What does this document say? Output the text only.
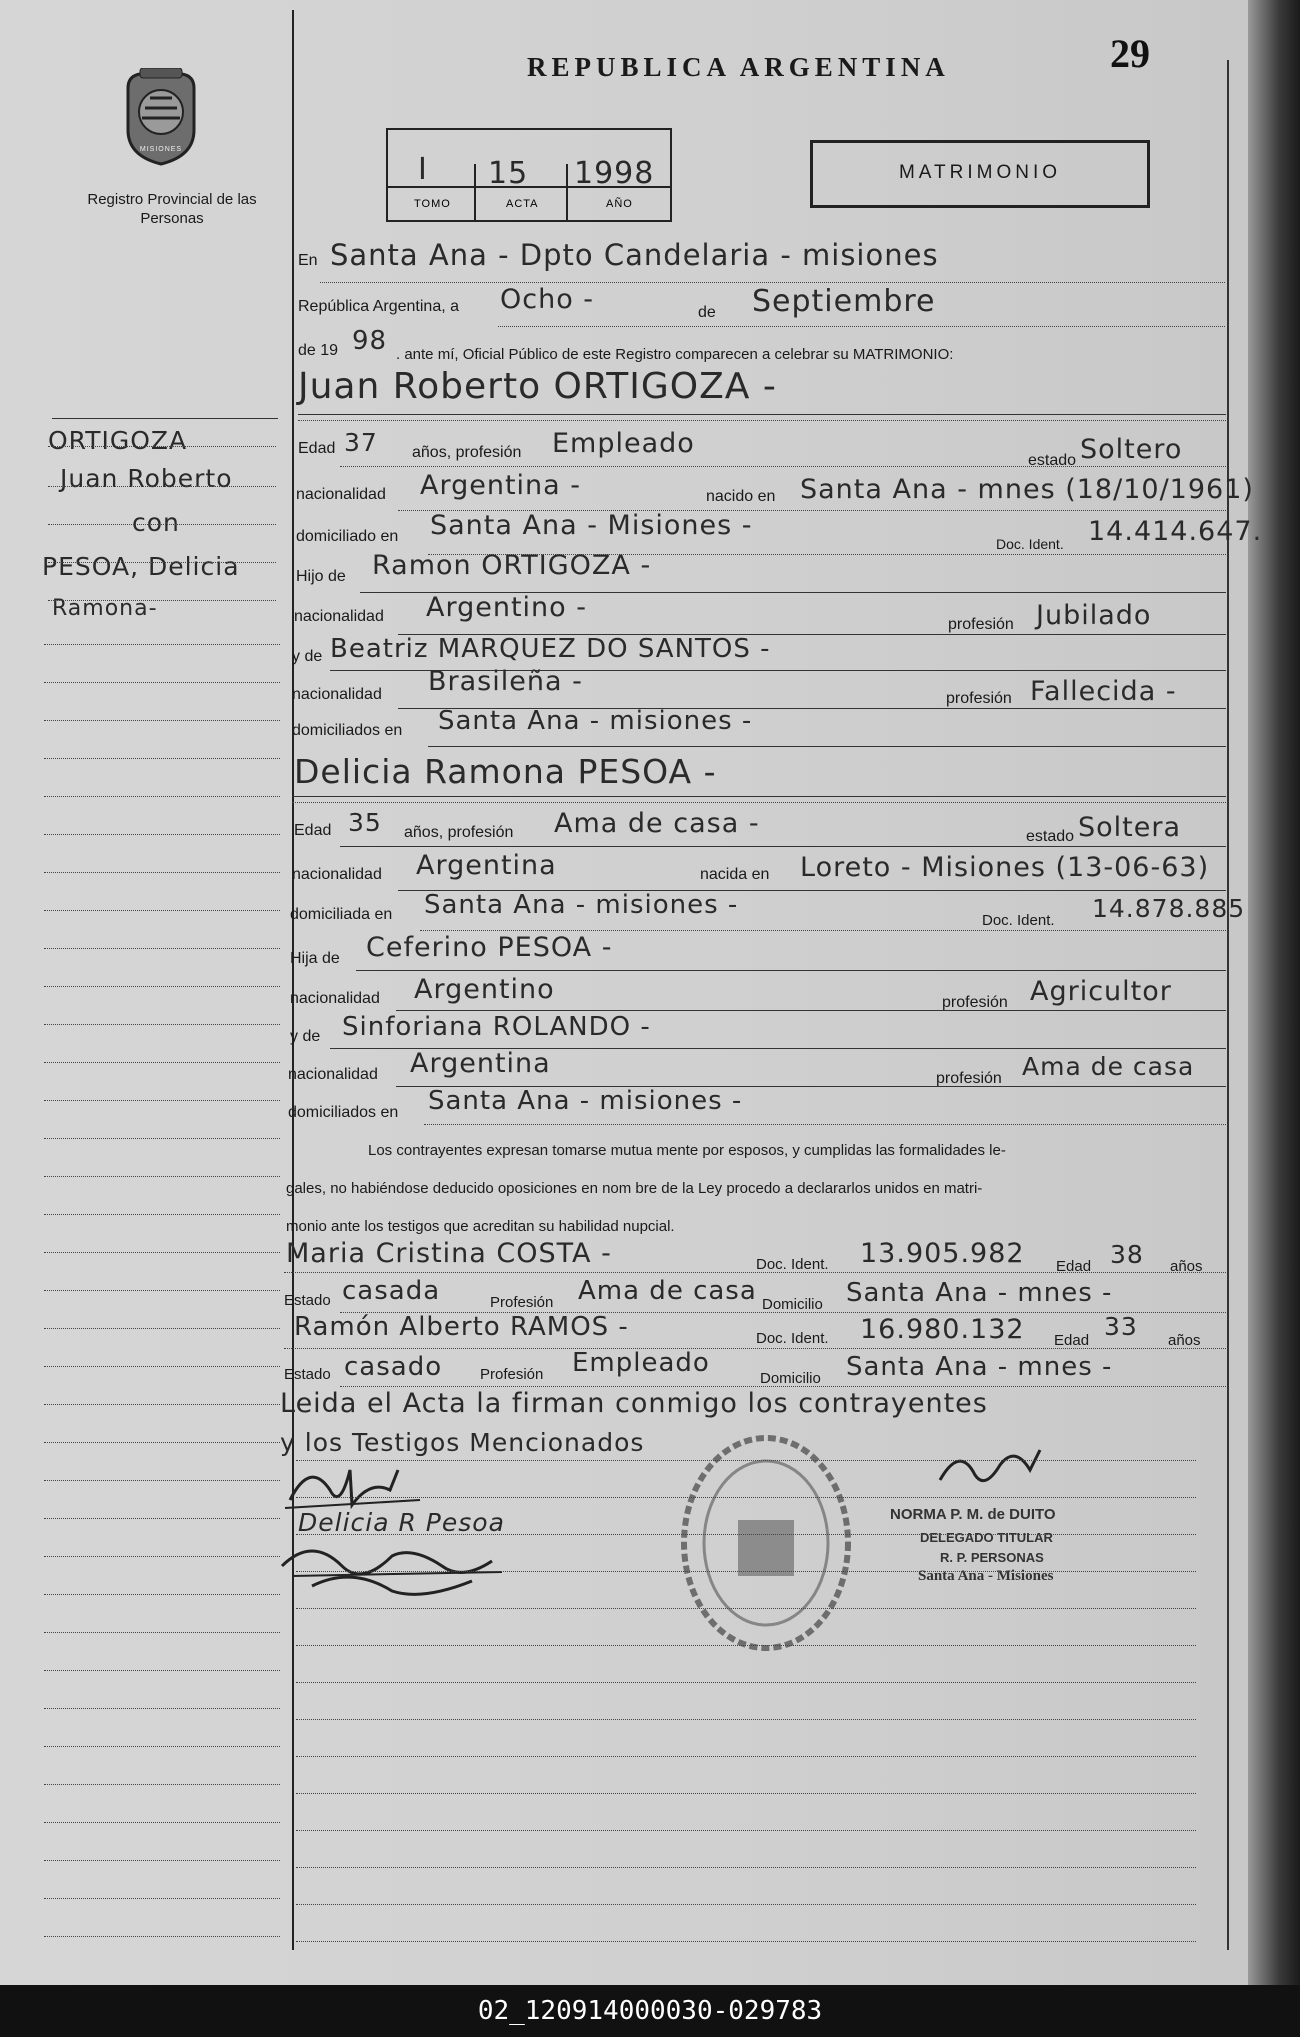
REPUBLICA ARGENTINA	29
MISIONES
Registro Provincial de las Personas
I 15 1998
TOMO	ACTA	AÑO
MATRIMONIO
ORTIGOZA
Juan Roberto
con
PESOA, Delicia
Ramona-
En Santa Ana - Dpto Candelaria - misiones
República Argentina, a Ocho -	de Septiembre
de 19 98 . ante mí, Oficial Público de este Registro comparecen a celebrar su MATRIMONIO:
Juan Roberto ORTIGOZA -
Edad 37 años, profesión Empleado
estado Soltero
nacionalidad Argentina -	nacido en Santa Ana - mnes (18/10/1961)
domiciliado en Santa Ana - Misiones -
Doc. Ident. 14.414.647.
Hijo de Ramon ORTIGOZA -
nacionalidad Argentino -
profesión Jubilado
y de Beatriz MARQUEZ DO SANTOS -
nacionalidad Brasileña -
profesión Fallecida -
domiciliados en Santa Ana - misiones -
Delicia Ramona PESOA -
Edad 35 años, profesión Ama de casa -	estado Soltera
nacionalidad Argentina	nacida en Loreto - Misiones (13-06-63)
domiciliada en Santa Ana - misiones -
Doc. Ident. 14.878.885
Hija de Ceferino PESOA -
nacionalidad Argentino	profesión Agricultor
y de Sinforiana ROLANDO -
nacionalidad Argentina	profesión Ama de casa
domiciliados en Santa Ana - misiones -
Los contrayentes expresan tomarse mutua mente por esposos, y cumplidas las formalidades le-
gales, no habiéndose deducido oposiciones en nom bre de la Ley procedo a declararlos unidos en matri-
monio ante los testigos que acreditan su habilidad nupcial.
Maria Cristina COSTA -	Doc. Ident. 13.905.982 Edad 38 años
Estado casada	Profesión Ama de casa Domicilio Santa Ana - mnes -
Ramón Alberto RAMOS -	Doc. Ident. 16.980.132 Edad 33 años
Estado casado	Profesión Empleado
Domicilio Santa Ana - mnes -
Leida el Acta la firman conmigo los contrayentes
y los Testigos Mencionados
Delicia R Pesoa	NORMA P. M. de DUITO
DELEGADO TITULAR
R. P. PERSONAS
Santa Ana - Misiones
02_120914000030-029783
